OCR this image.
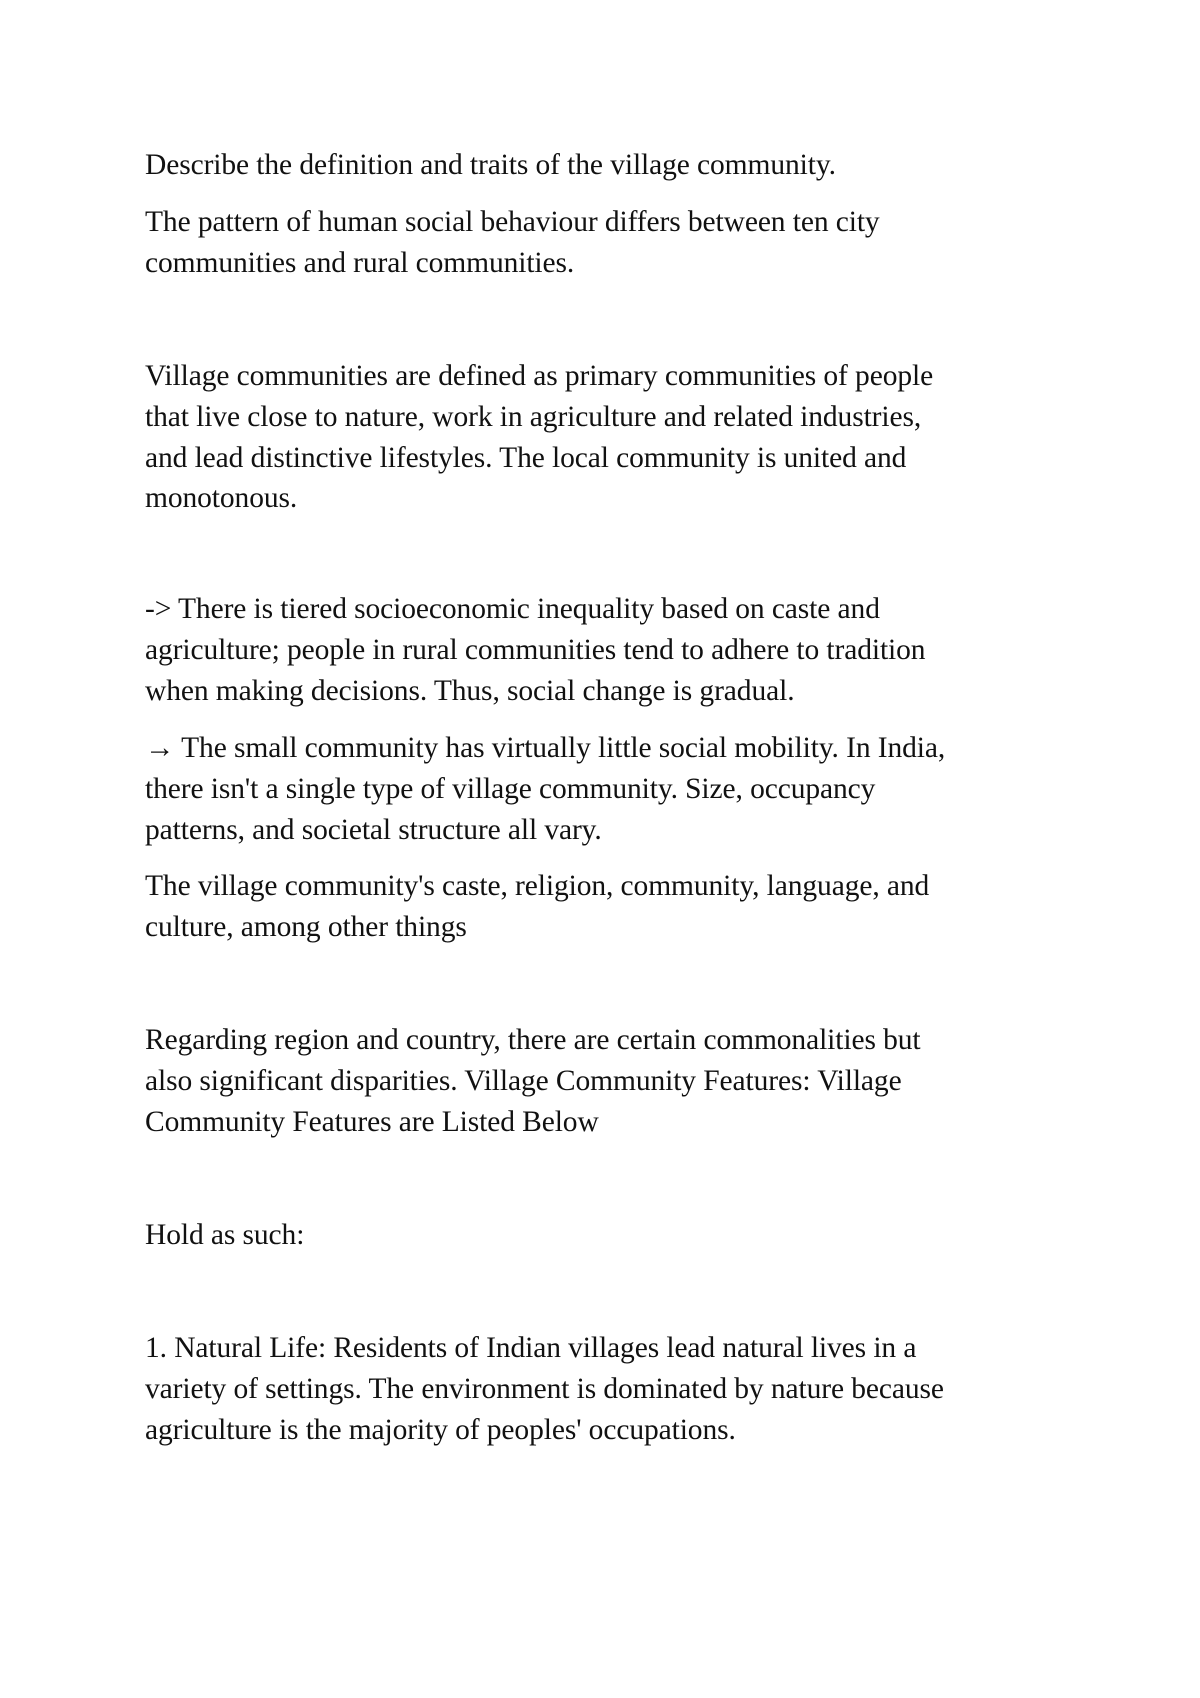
Describe the definition and traits of the village community.

The pattern of human social behaviour differs between ten city
communities and rural communities.

Village communities are defined as primary communities of people
that live close to nature, work in agriculture and related industries,
and lead distinctive lifestyles. The local community is united and
monotonous.

-> There is tiered socioeconomic inequality based on caste and
agriculture; people in rural communities tend to adhere to tradition
when making decisions. Thus, social change is gradual.

→ The small community has virtually little social mobility. In India,
there isn't a single type of village community. Size, occupancy
patterns, and societal structure all vary.

The village community's caste, religion, community, language, and
culture, among other things

Regarding region and country, there are certain commonalities but
also significant disparities. Village Community Features: Village
Community Features are Listed Below

Hold as such:

1. Natural Life: Residents of Indian villages lead natural lives in a
variety of settings. The environment is dominated by nature because
agriculture is the majority of peoples' occupations.
